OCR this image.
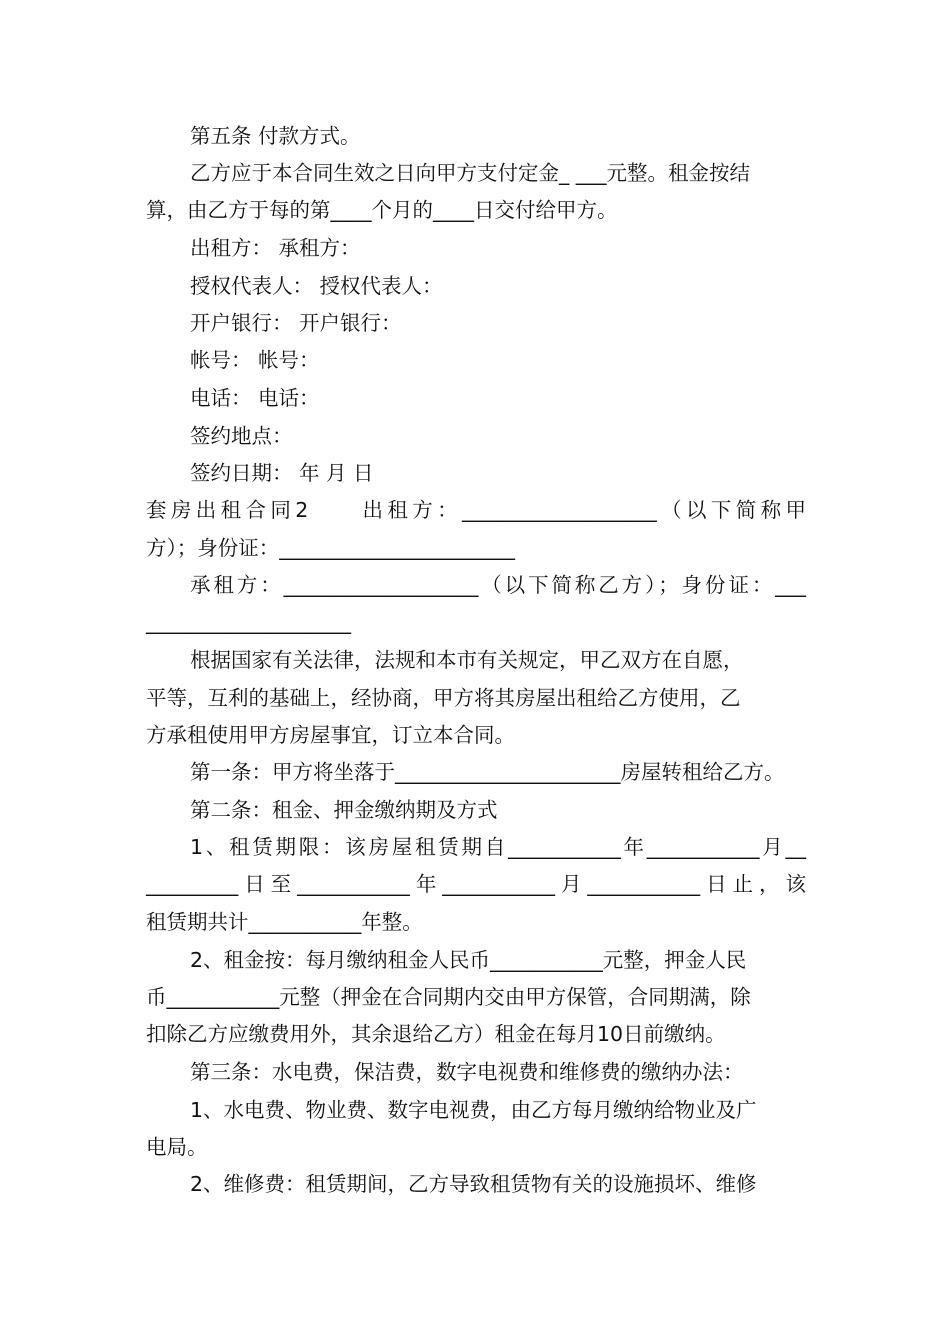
第五条 付款方式。
乙方应于本合同生效之日向甲方支付定金_ ___元整。租金按结
算，由乙方于每的第____个月的____日交付给甲方。
出租方： 承租方：
授权代表人： 授权代表人：
开户银行： 开户银行：
帐号： 帐号：
电话： 电话：
签约地点：
签约日期： 年 月 日
套房出租合同2　　出租方：___________________（以下简称甲
方）；身份证：_______________________
承租方：___________________（以下简称乙方）；身份证：___
____________________
根据国家有关法律，法规和本市有关规定，甲乙双方在自愿，
平等，互利的基础上，经协商，甲方将其房屋出租给乙方使用，乙
方承租使用甲方房屋事宜，订立本合同。
第一条：甲方将坐落于______________________房屋转租给乙方。
第二条：租金、押金缴纳期及方式
1、租赁期限：该房屋租赁期自___________年___________月__
_________日至___________年___________月___________日止，该
租赁期共计___________年整。
2、租金按：每月缴纳租金人民币___________元整，押金人民
币___________元整（押金在合同期内交由甲方保管，合同期满，除
扣除乙方应缴费用外，其余退给乙方）租金在每月10日前缴纳。
第三条：水电费，保洁费，数字电视费和维修费的缴纳办法：
1、水电费、物业费、数字电视费，由乙方每月缴纳给物业及广
电局。
2、维修费：租赁期间，乙方导致租赁物有关的设施损坏、维修
